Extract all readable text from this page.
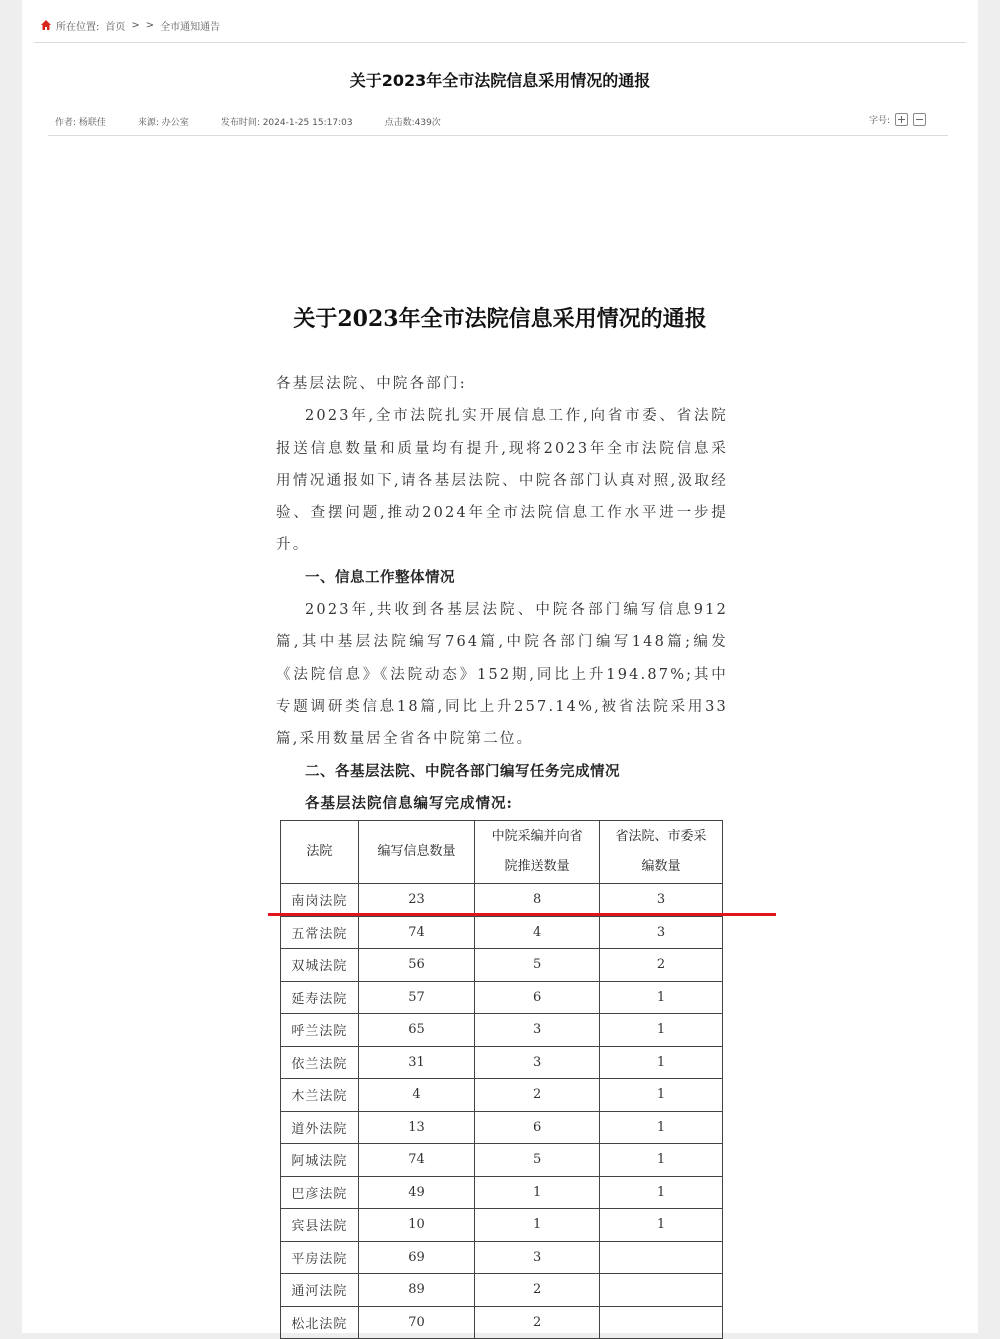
所在位置: 首页 > > 全市通知通告
关于2023年全市法院信息采用情况的通报
作者: 杨联佳	来源: 办公室	发布时间: 2024-1-25 15:17:03	点击数:439次	字号:
关于2023年全市法院信息采用情况的通报

各基层法院、中院各部门:

2023年,全市法院扎实开展信息工作,向省市委、省法院报送信息数量和质量均有提升,现将2023年全市法院信息采用情况通报如下,请各基层法院、中院各部门认真对照,汲取经验、查摆问题,推动2024年全市法院信息工作水平进一步提升。

一、信息工作整体情况

2023年,共收到各基层法院、中院各部门编写信息912篇,其中基层法院编写764篇,中院各部门编写148篇;编发《法院信息》《法院动态》152期,同比上升194.87%;其中专题调研类信息18篇,同比上升257.14%,被省法院采用33篇,采用数量居全省各中院第二位。

二、各基层法院、中院各部门编写任务完成情况

各基层法院信息编写完成情况:

法院	编写信息数量	中院采编并向省院推送数量	省法院、市委采编数量

南岗法院	23	8	3
五常法院	74	4	3
双城法院	56	5	2
延寿法院	57	6	1
呼兰法院	65	3	1
依兰法院	31	3	1
木兰法院	4	2	1
道外法院	13	6	1
阿城法院	74	5	1
巴彦法院	49	1	1
宾县法院	10	1	1
平房法院	69	3	
通河法院	89	2	
松北法院	70	2	
